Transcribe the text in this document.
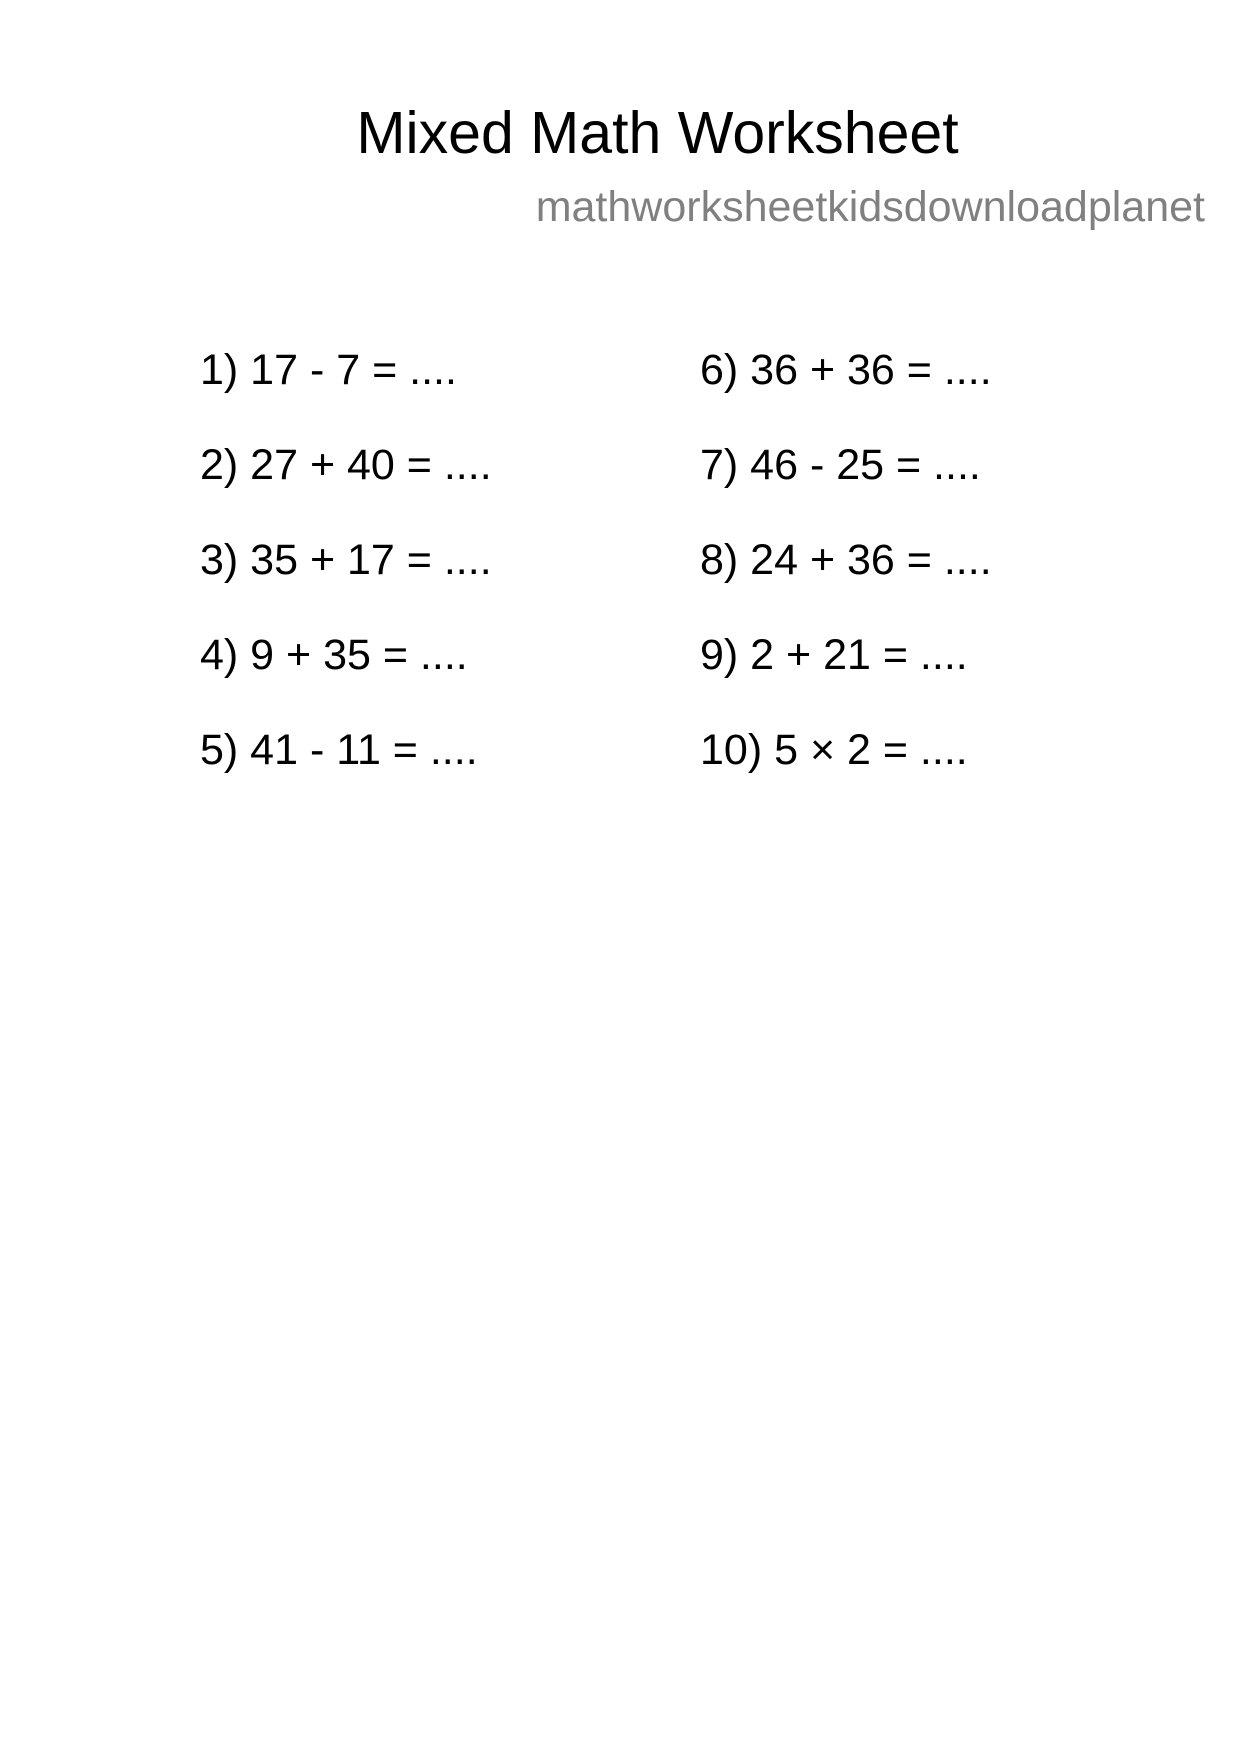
Mixed Math Worksheet
mathworksheetkidsdownloadplanet
1) 17 - 7 = ....
2) 27 + 40 = ....
3) 35 + 17 = ....
4) 9 + 35 = ....
5) 41 - 11 = ....
6) 36 + 36 = ....
7) 46 - 25 = ....
8) 24 + 36 = ....
9) 2 + 21 = ....
10) 5 × 2 = ....
